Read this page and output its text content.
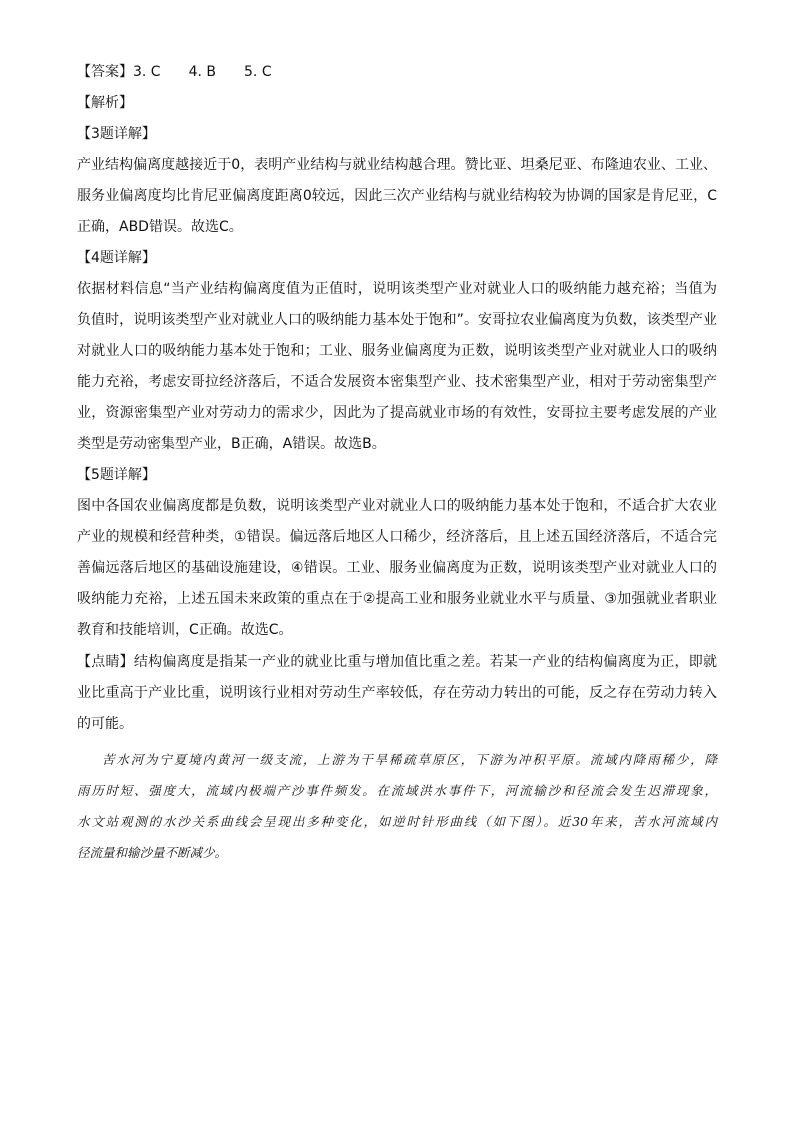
【答案】3. C 4. B 5. C
【解析】
【3题详解】
产业结构偏离度越接近于0，表明产业结构与就业结构越合理。赞比亚、坦桑尼亚、布隆迪农业、工业、
服务业偏离度均比肯尼亚偏离度距离0较远，因此三次产业结构与就业结构较为协调的国家是肯尼亚，C
正确，ABD错误。故选C。
【4题详解】
依据材料信息“当产业结构偏离度值为正值时，说明该类型产业对就业人口的吸纳能力越充裕；当值为
负值时，说明该类型产业对就业人口的吸纳能力基本处于饱和”。安哥拉农业偏离度为负数，该类型产业
对就业人口的吸纳能力基本处于饱和；工业、服务业偏离度为正数，说明该类型产业对就业人口的吸纳
能力充裕，考虑安哥拉经济落后，不适合发展资本密集型产业、技术密集型产业，相对于劳动密集型产
业，资源密集型产业对劳动力的需求少，因此为了提高就业市场的有效性，安哥拉主要考虑发展的产业
类型是劳动密集型产业，B正确，A错误。故选B。
【5题详解】
图中各国农业偏离度都是负数，说明该类型产业对就业人口的吸纳能力基本处于饱和，不适合扩大农业
产业的规模和经营种类，①错误。偏远落后地区人口稀少，经济落后，且上述五国经济落后，不适合完
善偏远落后地区的基础设施建设，④错误。工业、服务业偏离度为正数，说明该类型产业对就业人口的
吸纳能力充裕，上述五国未来政策的重点在于②提高工业和服务业就业水平与质量、③加强就业者职业
教育和技能培训，C正确。故选C。
【点睛】结构偏离度是指某一产业的就业比重与增加值比重之差。若某一产业的结构偏离度为正，即就
业比重高于产业比重，说明该行业相对劳动生产率较低，存在劳动力转出的可能，反之存在劳动力转入
的可能。
苦水河为宁夏境内黄河一级支流，上游为干旱稀疏草原区，下游为冲积平原。流域内降雨稀少，降
雨历时短、强度大，流域内极端产沙事件频发。在流域洪水事件下，河流输沙和径流会发生迟滞现象，
水文站观测的水沙关系曲线会呈现出多种变化，如逆时针形曲线（如下图）。近30年来，苦水河流域内
径流量和输沙量不断减少。
